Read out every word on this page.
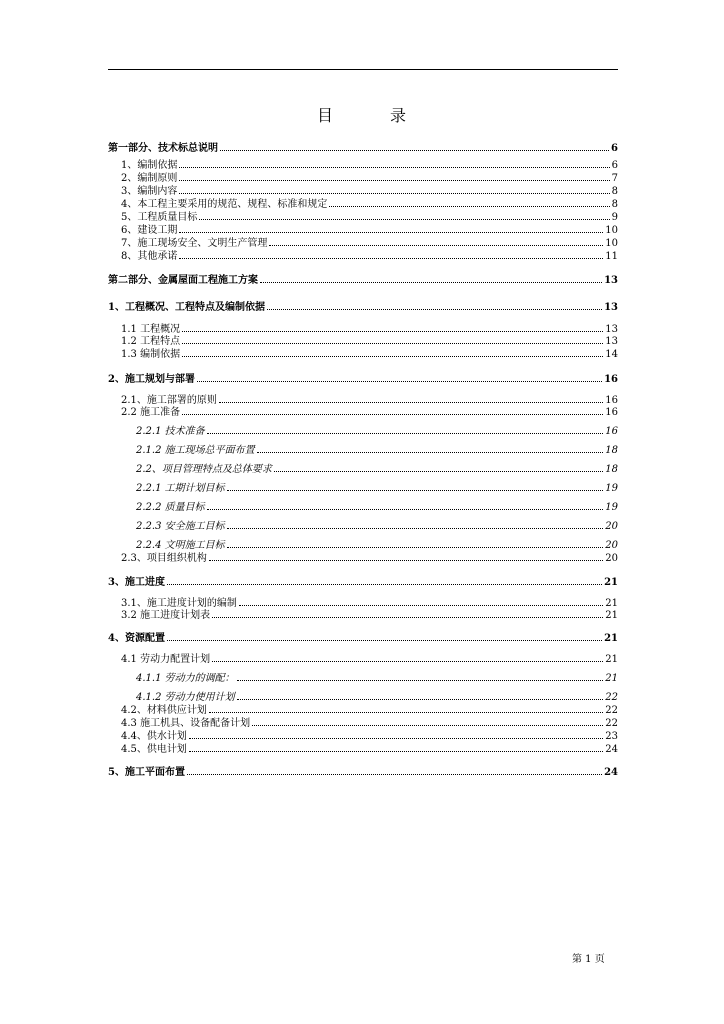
目	录
第一部分、技术标总说明	6
1、编制依据	6
2、编制原则	7
3、编制内容	8
4、本工程主要采用的规范、规程、标准和规定	8
5、工程质量目标	9
6、建设工期	10
7、施工现场安全、文明生产管理	10
8、其他承诺	11
第二部分、金属屋面工程施工方案	13
1、工程概况、工程特点及编制依据	13
1.1 工程概况	13
1.2 工程特点	13
1.3 编制依据	14
2、施工规划与部署	16
2.1、施工部署的原则	16
2.2 施工准备	16
2.2.1 技术准备	16
2.1.2 施工现场总平面布置	18
2.2、项目管理特点及总体要求	18
2.2.1 工期计划目标	19
2.2.2 质量目标	19
2.2.3 安全施工目标	20
2.2.4 文明施工目标	20
2.3、项目组织机构	20
3、施工进度	21
3.1、施工进度计划的编制	21
3.2 施工进度计划表	21
4、资源配置	21
4.1 劳动力配置计划	21
4.1.1 劳动力的调配：	21
4.1.2 劳动力使用计划	22
4.2、材料供应计划	22
4.3 施工机具、设备配备计划	22
4.4、供水计划	23
4.5、供电计划	24
5、施工平面布置	24
第 1 页
